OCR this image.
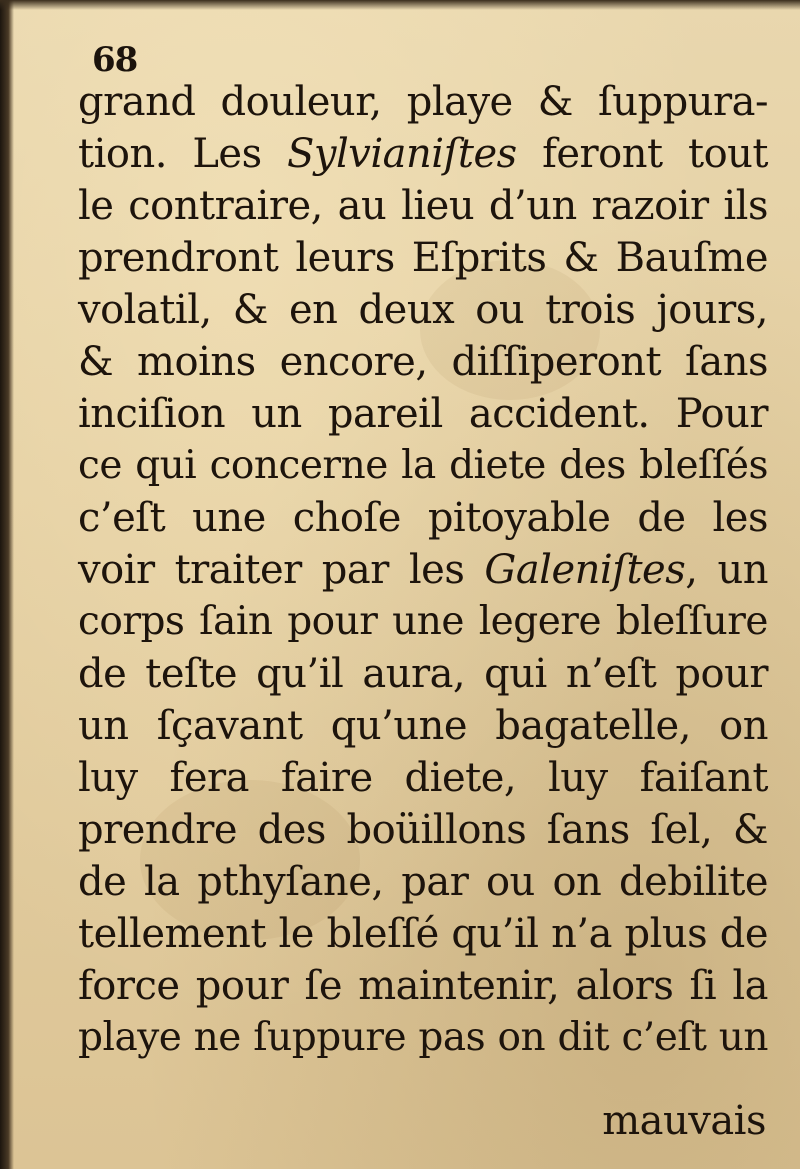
68
grand douleur, playe & ſuppura-
tion. Les Sylvianiſtes feront tout
le contraire, au lieu d’un razoir ils
prendront leurs Eſprits & Bauſme
volatil, & en deux ou trois jours,
& moins encore, diſſiperont ſans
inciſion un pareil accident. Pour
ce qui concerne la diete des bleſſés
c’eſt une choſe pitoyable de les
voir traiter par les Galeniſtes, un
corps ſain pour une legere bleſſure
de teſte qu’il aura, qui n’eſt pour
un ſçavant qu’une bagatelle, on
luy fera faire diete, luy faiſant
prendre des boüillons ſans ſel, &
de la pthyſane, par ou on debilite
tellement le bleſſé qu’il n’a plus de
force pour ſe maintenir, alors ſi la
playe ne ſuppure pas on dit c’eſt un
mauvais
